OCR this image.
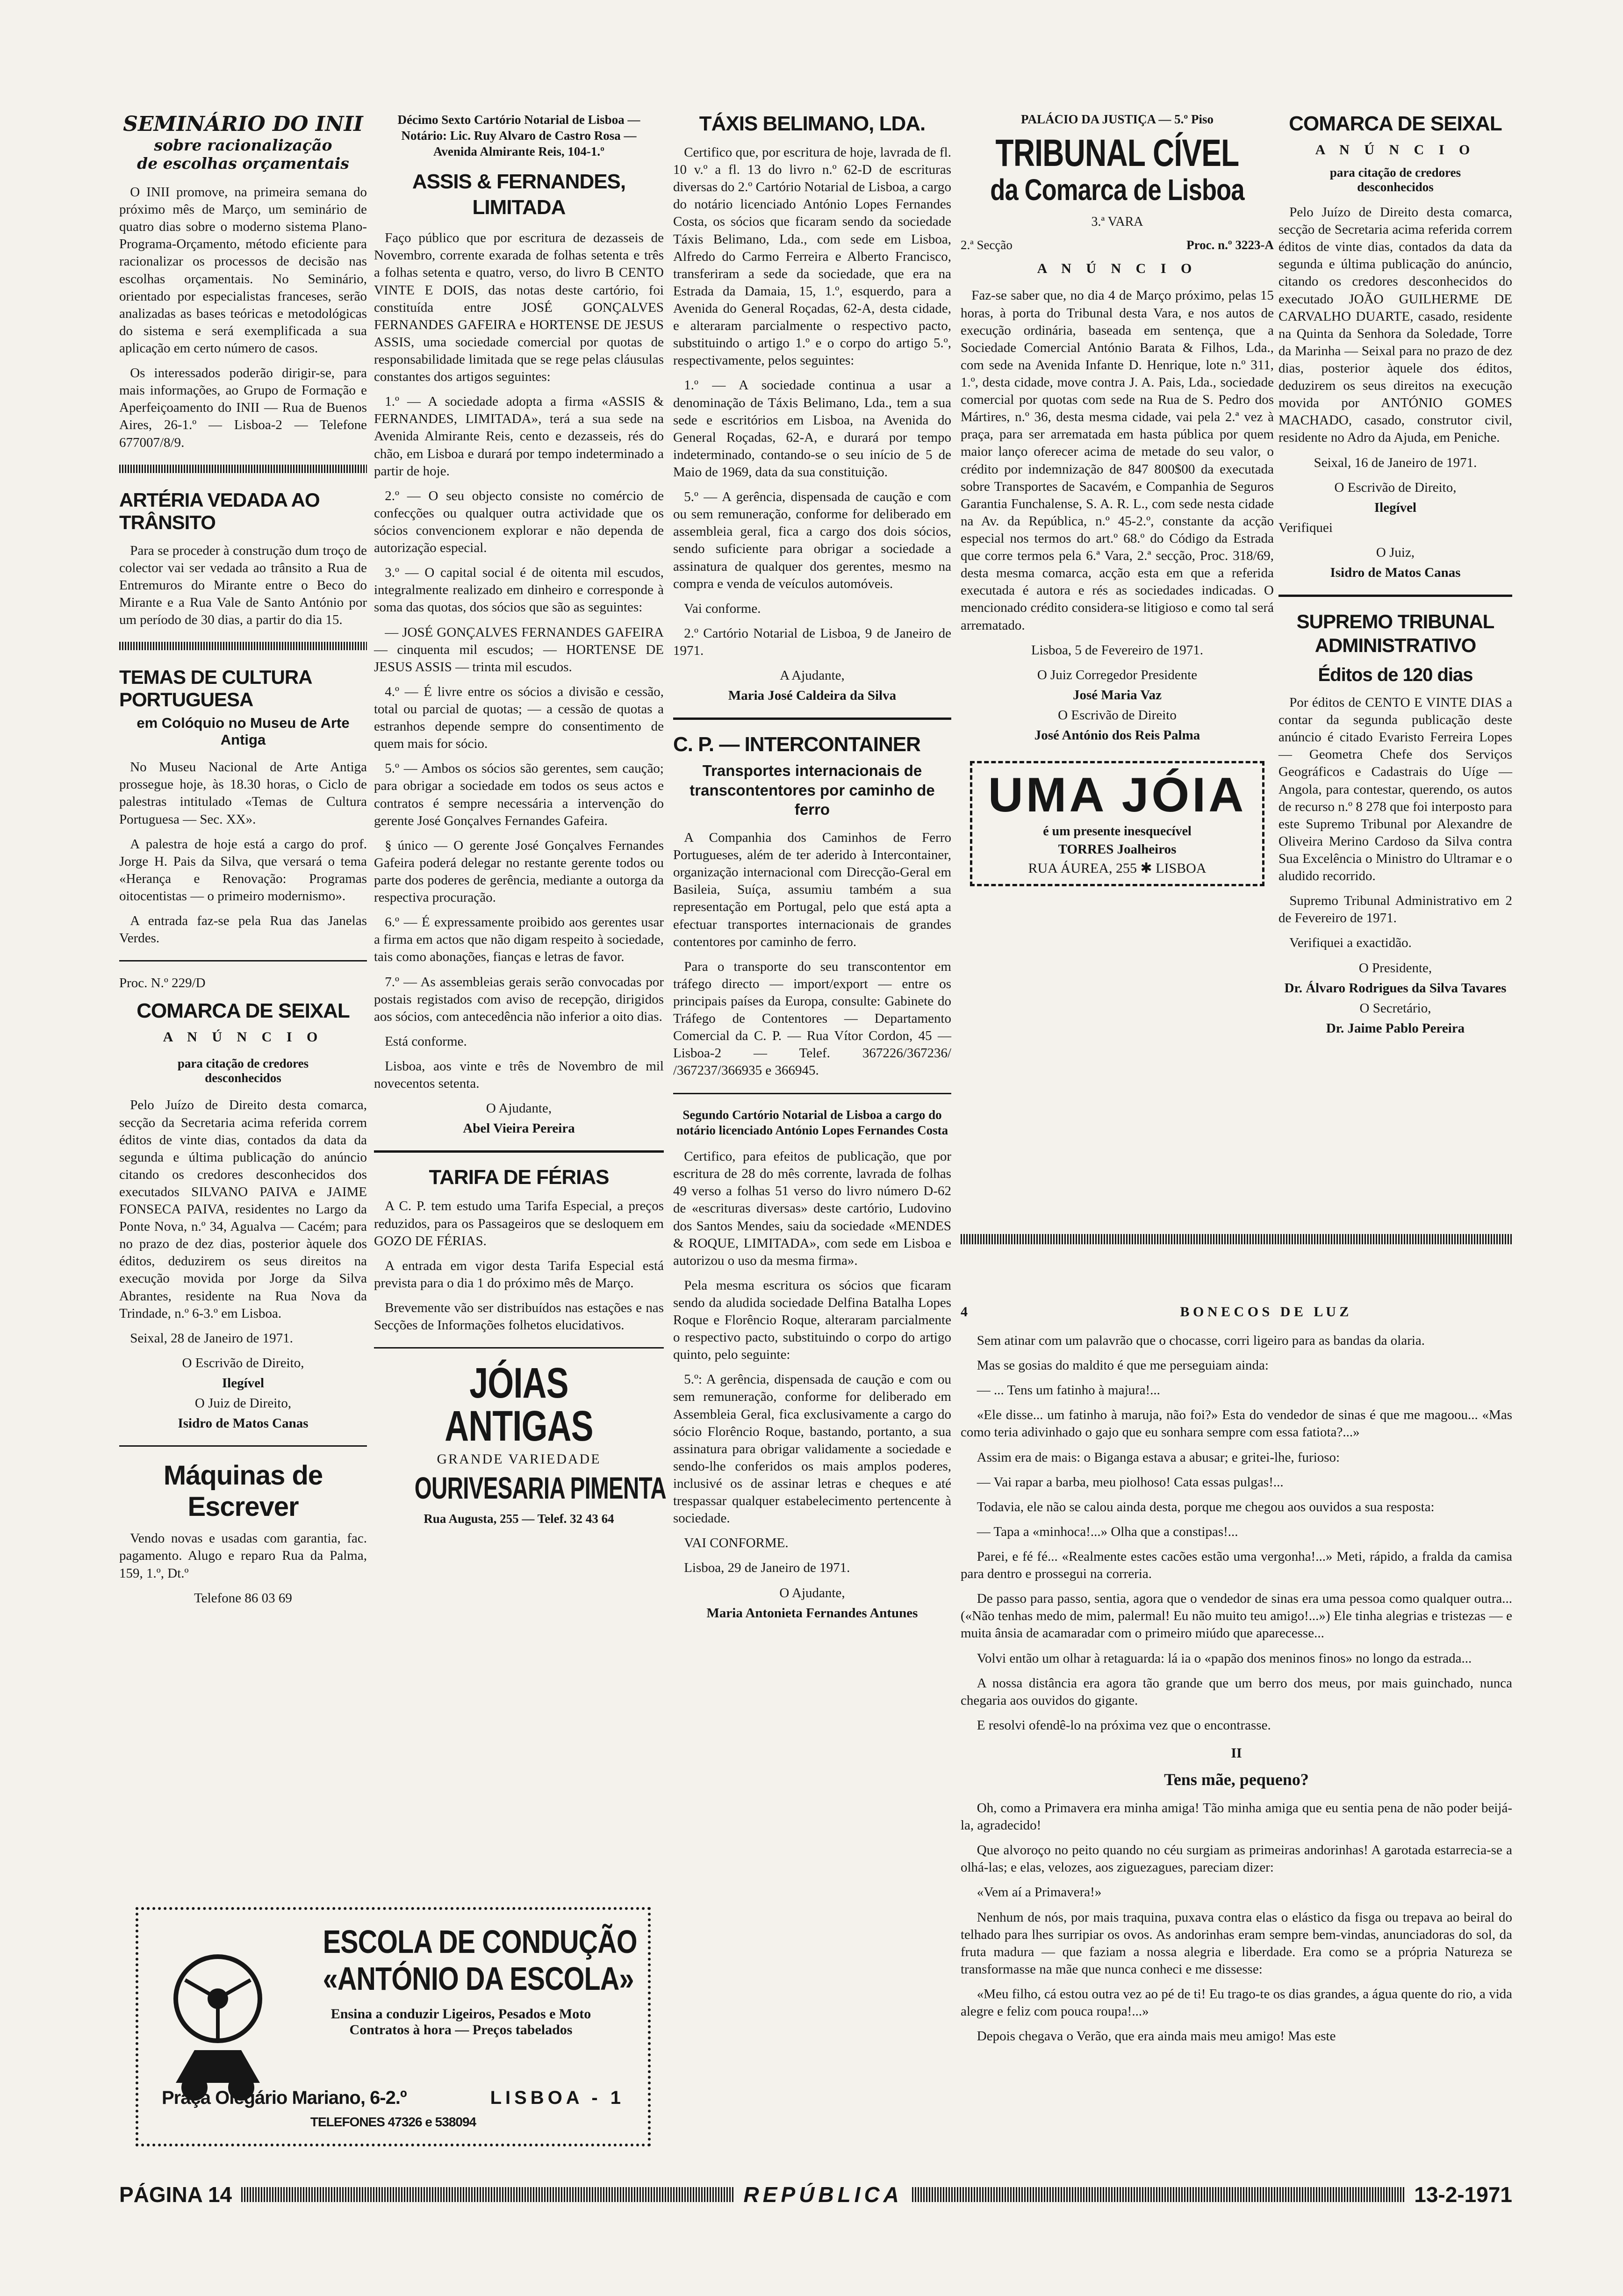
SEMINÁRIO DO INII
sobre racionalização
de escolhas orçamentais

O INII promove, na primeira semana do próximo mês de Março, um seminário de quatro dias sobre o moderno sistema Plano-Programa-Orçamento, método eficiente para racionalizar os processos de decisão nas escolhas orçamentais. No Seminário, orientado por especialistas franceses, serão analizadas as bases teóricas e metodológicas do sistema e será exemplificada a sua aplicação em certo número de casos.

Os interessados poderão dirigir-se, para mais informações, ao Grupo de Formação e Aperfeiçoamento do INII — Rua de Buenos Aires, 26-1.º — Lisboa-2 — Telefone 677007/8/9.

ARTÉRIA VEDADA AO TRÂNSITO

Para se proceder à construção dum troço de colector vai ser vedada ao trânsito a Rua de Entremuros do Mirante entre o Beco do Mirante e a Rua Vale de Santo António por um período de 30 dias, a partir do dia 15.

TEMAS DE CULTURA PORTUGUESA
em Colóquio no Museu de Arte Antiga

No Museu Nacional de Arte Antiga prossegue hoje, às 18.30 horas, o Ciclo de palestras intitulado «Temas de Cultura Portuguesa — Sec. XX».

A palestra de hoje está a cargo do prof. Jorge H. Pais da Silva, que versará o tema «Herança e Renovação: Programas oitocentistas — o primeiro modernismo».

A entrada faz-se pela Rua das Janelas Verdes.

Proc. N.º 229/D

COMARCA DE SEIXAL
A N Ú N C I O
para citação de credores desconhecidos

Pelo Juízo de Direito desta comarca, secção da Secretaria acima referida correm éditos de vinte dias, contados da data da segunda e última publicação do anúncio citando os credores desconhecidos dos executados SILVANO PAIVA e JAIME FONSECA PAIVA, residentes no Largo da Ponte Nova, n.º 34, Agualva — Cacém; para no prazo de dez dias, posterior àquele dos éditos, deduzirem os seus direitos na execução movida por Jorge da Silva Abrantes, residente na Rua Nova da Trindade, n.º 6-3.º em Lisboa.

Seixal, 28 de Janeiro de 1971.

O Escrivão de Direito,

Ilegível

O Juiz de Direito,

Isidro de Matos Canas

Máquinas de Escrever

Vendo novas e usadas com garantia, fac. pagamento. Alugo e reparo Rua da Palma, 159, 1.º, Dt.º

Telefone 86 03 69

Décimo Sexto Cartório Notarial de Lisboa — Notário: Lic. Ruy Alvaro de Castro Rosa — Avenida Almirante Reis, 104-1.º
ASSIS & FERNANDES, LIMITADA

Faço público que por escritura de dezasseis de Novembro, corrente exarada de folhas setenta e três a folhas setenta e quatro, verso, do livro B CENTO VINTE E DOIS, das notas deste cartório, foi constituída entre JOSÉ GONÇALVES FERNANDES GAFEIRA e HORTENSE DE JESUS ASSIS, uma sociedade comercial por quotas de responsabilidade limitada que se rege pelas cláusulas constantes dos artigos seguintes:

1.º — A sociedade adopta a firma «ASSIS & FERNANDES, LIMITADA», terá a sua sede na Avenida Almirante Reis, cento e dezasseis, rés do chão, em Lisboa e durará por tempo indeterminado a partir de hoje.

2.º — O seu objecto consiste no comércio de confecções ou qualquer outra actividade que os sócios convencionem explorar e não dependa de autorização especial.

3.º — O capital social é de oitenta mil escudos, integralmente realizado em dinheiro e corresponde à soma das quotas, dos sócios que são as seguintes:

— JOSÉ GONÇALVES FERNANDES GAFEIRA — cinquenta mil escudos; — HORTENSE DE JESUS ASSIS — trinta mil escudos.

4.º — É livre entre os sócios a divisão e cessão, total ou parcial de quotas; — a cessão de quotas a estranhos depende sempre do consentimento de quem mais for sócio.

5.º — Ambos os sócios são gerentes, sem caução; para obrigar a sociedade em todos os seus actos e contratos é sempre necessária a intervenção do gerente José Gonçalves Fernandes Gafeira.

§ único — O gerente José Gonçalves Fernandes Gafeira poderá delegar no restante gerente todos ou parte dos poderes de gerência, mediante a outorga da respectiva procuração.

6.º — É expressamente proibido aos gerentes usar a firma em actos que não digam respeito à sociedade, tais como abonações, fianças e letras de favor.

7.º — As assembleias gerais serão convocadas por postais registados com aviso de recepção, dirigidos aos sócios, com antecedência não inferior a oito dias.

Está conforme.

Lisboa, aos vinte e três de Novembro de mil novecentos setenta.

O Ajudante,

Abel Vieira Pereira

TARIFA DE FÉRIAS

A C. P. tem estudo uma Tarifa Especial, a preços reduzidos, para os Passageiros que se desloquem em GOZO DE FÉRIAS.

A entrada em vigor desta Tarifa Especial está prevista para o dia 1 do próximo mês de Março.

Brevemente vão ser distribuídos nas estações e nas Secções de Informações folhetos elucidativos.

JÓIAS ANTIGAS
GRANDE VARIEDADE
OURIVESARIA PIMENTA
Rua Augusta, 255 — Telef. 32 43 64
TÁXIS BELIMANO, LDA.

Certifico que, por escritura de hoje, lavrada de fl. 10 v.º a fl. 13 do livro n.º 62-D de escrituras diversas do 2.º Cartório Notarial de Lisboa, a cargo do notário licenciado António Lopes Fernandes Costa, os sócios que ficaram sendo da sociedade Táxis Belimano, Lda., com sede em Lisboa, Alfredo do Carmo Ferreira e Alberto Francisco, transferiram a sede da sociedade, que era na Estrada da Damaia, 15, 1.º, esquerdo, para a Avenida do General Roçadas, 62-A, desta cidade, e alteraram parcialmente o respectivo pacto, substituindo o artigo 1.º e o corpo do artigo 5.º, respectivamente, pelos seguintes:

1.º — A sociedade continua a usar a denominação de Táxis Belimano, Lda., tem a sua sede e escritórios em Lisboa, na Avenida do General Roçadas, 62-A, e durará por tempo indeterminado, contando-se o seu início de 5 de Maio de 1969, data da sua constituição.

5.º — A gerência, dispensada de caução e com ou sem remuneração, conforme for deliberado em assembleia geral, fica a cargo dos dois sócios, sendo suficiente para obrigar a sociedade a assinatura de qualquer dos gerentes, mesmo na compra e venda de veículos automóveis.

Vai conforme.

2.º Cartório Notarial de Lisboa, 9 de Janeiro de 1971.

A Ajudante,

Maria José Caldeira da Silva

C. P. — INTERCONTAINER
Transportes internacionais de transcontentores por caminho de ferro

A Companhia dos Caminhos de Ferro Portugueses, além de ter aderido à Intercontainer, organização internacional com Direcção-Geral em Basileia, Suíça, assumiu também a sua representação em Portugal, pelo que está apta a efectuar transportes internacionais de grandes contentores por caminho de ferro.

Para o transporte do seu transcontentor em tráfego directo — import/export — entre os principais países da Europa, consulte: Gabinete do Tráfego de Contentores — Departamento Comercial da C. P. — Rua Vítor Cordon, 45 — Lisboa-2 — Telef. 367226/367236/ /367237/366935 e 366945.

Segundo Cartório Notarial de Lisboa a cargo do notário licenciado António Lopes Fernandes Costa

Certifico, para efeitos de publicação, que por escritura de 28 do mês corrente, lavrada de folhas 49 verso a folhas 51 verso do livro número D-62 de «escrituras diversas» deste cartório, Ludovino dos Santos Mendes, saiu da sociedade «MENDES & ROQUE, LIMITADA», com sede em Lisboa e autorizou o uso da mesma firma».

Pela mesma escritura os sócios que ficaram sendo da aludida sociedade Delfina Batalha Lopes Roque e Florêncio Roque, alteraram parcialmente o respectivo pacto, substituindo o corpo do artigo quinto, pelo seguinte:

5.º: A gerência, dispensada de caução e com ou sem remuneração, conforme for deliberado em Assembleia Geral, fica exclusivamente a cargo do sócio Florêncio Roque, bastando, portanto, a sua assinatura para obrigar validamente a sociedade e sendo-lhe conferidos os mais amplos poderes, inclusivé os de assinar letras e cheques e até trespassar qualquer estabelecimento pertencente à sociedade.

VAI CONFORME.

Lisboa, 29 de Janeiro de 1971.

O Ajudante,

Maria Antonieta Fernandes Antunes

PALÁCIO DA JUSTIÇA — 5.º Piso
TRIBUNAL CÍVEL
da Comarca de Lisboa
3.ª VARA
2.ª Secção	Proc. n.º 3223-A
A N Ú N C I O

Faz-se saber que, no dia 4 de Março próximo, pelas 15 horas, à porta do Tribunal desta Vara, e nos autos de execução ordinária, baseada em sentença, que a Sociedade Comercial António Barata & Filhos, Lda., com sede na Avenida Infante D. Henrique, lote n.º 311, 1.º, desta cidade, move contra J. A. Pais, Lda., sociedade comercial por quotas com sede na Rua de S. Pedro dos Mártires, n.º 36, desta mesma cidade, vai pela 2.ª vez à praça, para ser arrematada em hasta pública por quem maior lanço oferecer acima de metade do seu valor, o crédito por indemnização de 847 800$00 da executada sobre Transportes de Sacavém, e Companhia de Seguros Garantia Funchalense, S. A. R. L., com sede nesta cidade na Av. da República, n.º 45-2.º, constante da acção especial nos termos do art.º 68.º do Código da Estrada que corre termos pela 6.ª Vara, 2.ª secção, Proc. 318/69, desta mesma comarca, acção esta em que a referida executada é autora e rés as sociedades indicadas. O mencionado crédito considera-se litigioso e como tal será arrematado.

Lisboa, 5 de Fevereiro de 1971.

O Juiz Corregedor Presidente

José Maria Vaz

O Escrivão de Direito

José António dos Reis Palma

UMA JÓIA
é um presente inesquecível
TORRES Joalheiros
RUA ÁUREA, 255 ✱ LISBOA
COMARCA DE SEIXAL
A N Ú N C I O
para citação de credores desconhecidos

Pelo Juízo de Direito desta comarca, secção de Secretaria acima referida correm éditos de vinte dias, contados da data da segunda e última publicação do anúncio, citando os credores desconhecidos do executado JOÃO GUILHERME DE CARVALHO DUARTE, casado, residente na Quinta da Senhora da Soledade, Torre da Marinha — Seixal para no prazo de dez dias, posterior àquele dos éditos, deduzirem os seus direitos na execução movida por ANTÓNIO GOMES MACHADO, casado, construtor civil, residente no Adro da Ajuda, em Peniche.

Seixal, 16 de Janeiro de 1971.

O Escrivão de Direito,

Ilegível

Verifiquei

O Juiz,

Isidro de Matos Canas

SUPREMO TRIBUNAL ADMINISTRATIVO
Éditos de 120 dias

Por éditos de CENTO E VINTE DIAS a contar da segunda publicação deste anúncio é citado Evaristo Ferreira Lopes — Geometra Chefe dos Serviços Geográficos e Cadastrais do Uíge — Angola, para contestar, querendo, os autos de recurso n.º 8 278 que foi interposto para este Supremo Tribunal por Alexandre de Oliveira Merino Cardoso da Silva contra Sua Excelência o Ministro do Ultramar e o aludido recorrido.

Supremo Tribunal Administrativo em 2 de Fevereiro de 1971.

Verifiquei a exactidão.

O Presidente,

Dr. Álvaro Rodrigues da Silva Tavares

O Secretário,

Dr. Jaime Pablo Pereira

4	B O N E C O S   D E   L U Z

Sem atinar com um palavrão que o chocasse, corri ligeiro para as bandas da olaria.

Mas se gosias do maldito é que me perseguiam ainda:

— ... Tens um fatinho à majura!...

«Ele disse... um fatinho à maruja, não foi?» Esta do vendedor de sinas é que me magoou... «Mas como teria adivinhado o gajo que eu sonhara sempre com essa fatiota?...»

Assim era de mais: o Biganga estava a abusar; e gritei-lhe, furioso:

— Vai rapar a barba, meu piolhoso! Cata essas pulgas!...

Todavia, ele não se calou ainda desta, porque me chegou aos ouvidos a sua resposta:

— Tapa a «minhoca!...» Olha que a constipas!...

Parei, e fé fé... «Realmente estes cacões estão uma vergonha!...» Meti, rápido, a fralda da camisa para dentro e prossegui na correria.

De passo para passo, sentia, agora que o vendedor de sinas era uma pessoa como qualquer outra... («Não tenhas medo de mim, palermal! Eu não muito teu amigo!...») Ele tinha alegrias e tristezas — e muita ânsia de acamaradar com o primeiro miúdo que aparecesse...

Volvi então um olhar à retaguarda: lá ia o «papão dos meninos finos» no longo da estrada...

A nossa distância era agora tão grande que um berro dos meus, por mais guinchado, nunca chegaria aos ouvidos do gigante.

E resolvi ofendê-lo na próxima vez que o encontrasse.

II
Tens mãe, pequeno?

Oh, como a Primavera era minha amiga! Tão minha amiga que eu sentia pena de não poder beijá-la, agradecido!

Que alvoroço no peito quando no céu surgiam as primeiras andorinhas! A garotada estarrecia-se a olhá-las; e elas, velozes, aos ziguezagues, pareciam dizer:

«Vem aí a Primavera!»

Nenhum de nós, por mais traquina, puxava contra elas o elástico da fisga ou trepava ao beiral do telhado para lhes surripiar os ovos. As andorinhas eram sempre bem-vindas, anunciadoras do sol, da fruta madura — que faziam a nossa alegria e liberdade. Era como se a própria Natureza se transformasse na mãe que nunca conheci e me dissesse:

«Meu filho, cá estou outra vez ao pé de ti! Eu trago-te os dias grandes, a água quente do rio, a vida alegre e feliz com pouca roupa!...»

Depois chegava o Verão, que era ainda mais meu amigo! Mas este

ESCOLA DE CONDUÇÃO
«ANTÓNIO DA ESCOLA»
Ensina a conduzir Ligeiros, Pesados e Moto
Contratos à hora — Preços tabelados
Praça Olegário Mariano, 6-2.º	LISBOA - 1
TELEFONES 47326 e 538094
PÁGINA 14	REPÚBLICA	13-2-1971
